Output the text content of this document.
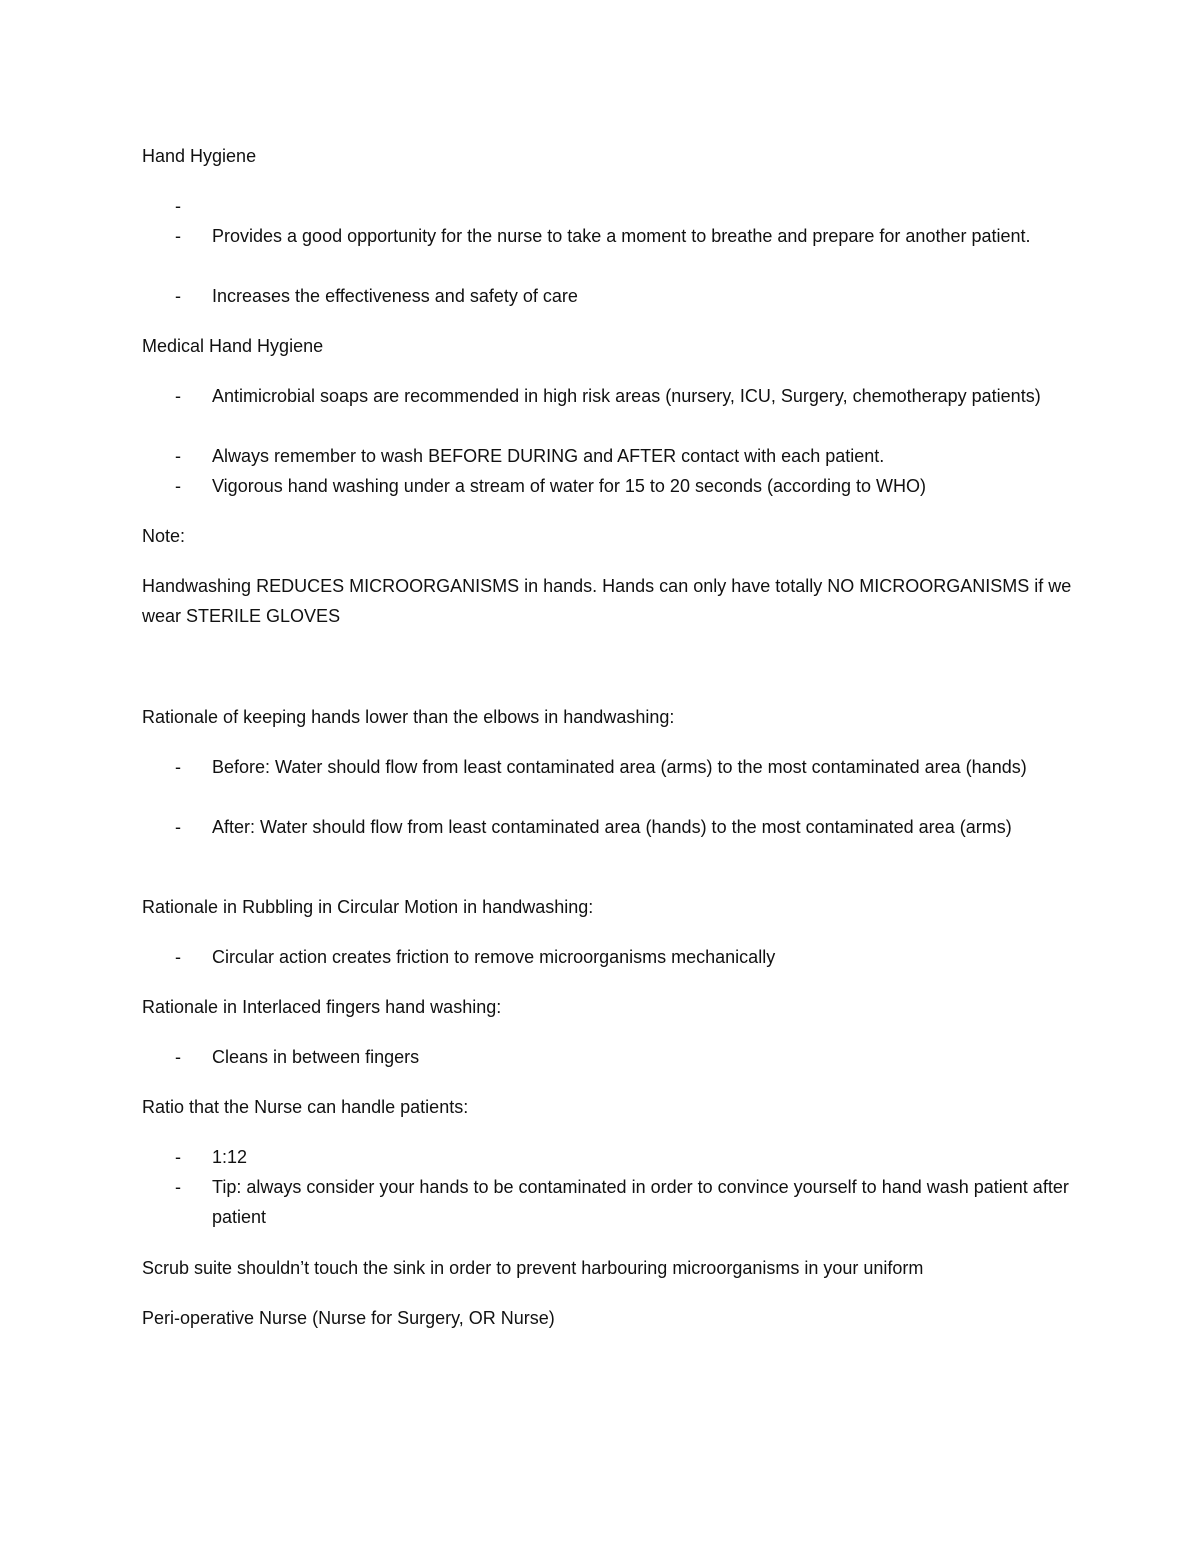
Hand Hygiene
-
-	Provides a good opportunity for the nurse to take a moment to breathe and prepare for another patient.
-	Increases the effectiveness and safety of care
Medical Hand Hygiene
-	Antimicrobial soaps are recommended in high risk areas (nursery, ICU, Surgery, chemotherapy patients)
-	Always remember to wash BEFORE DURING and AFTER contact with each patient.
-	Vigorous hand washing under a stream of water for 15 to 20 seconds (according to WHO)
Note:
Handwashing REDUCES MICROORGANISMS in hands. Hands can only have totally NO MICROORGANISMS if we wear STERILE GLOVES
Rationale of keeping hands lower than the elbows in handwashing:
-	Before: Water should flow from least contaminated area (arms) to the most contaminated area (hands)
-	After: Water should flow from least contaminated area (hands) to the most contaminated area (arms)
Rationale in Rubbling in Circular Motion in handwashing:
-	Circular action creates friction to remove microorganisms mechanically
Rationale in Interlaced fingers hand washing:
-	Cleans in between fingers
Ratio that the Nurse can handle patients:
-	1:12
-	Tip: always consider your hands to be contaminated in order to convince yourself to hand wash patient after patient
Scrub suite shouldn’t touch the sink in order to prevent harbouring microorganisms in your uniform
Peri-operative Nurse (Nurse for Surgery, OR Nurse)
